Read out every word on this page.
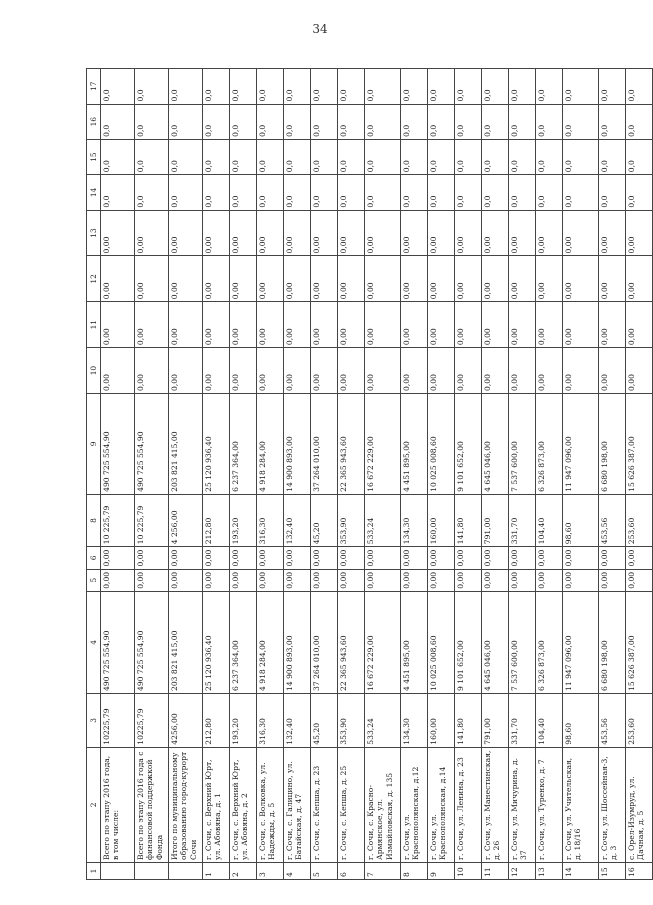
34
1	2	3	4	5	6	8	9	10	11	12	13	14	15	16	17
	Всего по этапу 2016 года, в том числе:	10225,79	490 725 554,90	0,00	0,00	10 225,79	490 725 554,90	0,00	0,00	0,00	0,00	0,0	0,0	0,0	0,0
	Всего по этапу 2016 года с финансовой поддержкой Фонда	10225,79	490 725 554,90	0,00	0,00	10 225,79	490 725 554,90	0,00	0,00	0,00	0,00	0,0	0,0	0,0	0,0
	Итого по муниципальному образованию город-курорт Сочи	4256,00	203 821 415,00	0,00	0,00	4 256,00	203 821 415,00	0,00	0,00	0,00	0,00	0,0	0,0	0,0	0,0
1	г. Сочи, с. Верхний Юрт, ул. Абовяна, д. 1	212,80	25 120 936,40	0,00	0,00	212,80	25 120 936,40	0,00	0,00	0,00	0,00	0,0	0,0	0,0	0,0
2	г. Сочи, с. Верхний Юрт, ул. Абовяна, д. 2	193,20	6 237 364,00	0,00	0,00	193,20	6 237 364,00	0,00	0,00	0,00	0,00	0,0	0,0	0,0	0,0
3	г. Сочи, с. Волковка, ул. Надежды, д. 5	316,30	4 918 284,00	0,00	0,00	316,30	4 918 284,00	0,00	0,00	0,00	0,00	0,0	0,0	0,0	0,0
4	г. Сочи, с. Галицино, ул. Батайская, д. 47	132,40	14 900 893,00	0,00	0,00	132,40	14 900 893,00	0,00	0,00	0,00	0,00	0,0	0,0	0,0	0,0
5	г. Сочи, с. Кепша, д. 23	45,20	37 264 010,00	0,00	0,00	45,20	37 264 010,00	0,00	0,00	0,00	0,00	0,0	0,0	0,0	0,0
6	г. Сочи, с. Кепша, д. 25	353,90	22 365 943,60	0,00	0,00	353,90	22 365 943,60	0,00	0,00	0,00	0,00	0,0	0,0	0,0	0,0
7	г. Сочи, с. Красно-Армянское, ул. Измайловская, д. 135	533,24	16 672 229,00	0,00	0,00	533,24	16 672 229,00	0,00	0,00	0,00	0,00	0,0	0,0	0,0	0,0
8	г. Сочи, ул. Краснополянская, д.12	134,30	4 451 895,00	0,00	0,00	134,30	4 451 895,00	0,00	0,00	0,00	0,00	0,0	0,0	0,0	0,0
9	г. Сочи, ул. Краснополянская, д.14	160,00	10 025 008,60	0,00	0,00	160,00	10 025 008,60	0,00	0,00	0,00	0,00	0,0	0,0	0,0	0,0
10	г. Сочи, ул. Ленина, д. 23	141,80	9 101 652,00	0,00	0,00	141,80	9 101 652,00	0,00	0,00	0,00	0,00	0,0	0,0	0,0	0,0
11	г. Сочи, ул. Манестинская, д. 26	791,00	4 645 046,00	0,00	0,00	791,00	4 645 046,00	0,00	0,00	0,00	0,00	0,0	0,0	0,0	0,0
12	г. Сочи, ул. Мичурина, д. 37	331,70	7 537 600,00	0,00	0,00	331,70	7 537 600,00	0,00	0,00	0,00	0,00	0,0	0,0	0,0	0,0
13	г. Сочи, ул. Туренко, д. 7	104,40	6 326 873,00	0,00	0,00	104,40	6 326 873,00	0,00	0,00	0,00	0,00	0,0	0,0	0,0	0,0
14	г. Сочи, ул. Учительская, д. 18/16	98,60	11 947 096,00	0,00	0,00	98,60	11 947 096,00	0,00	0,00	0,00	0,00	0,0	0,0	0,0	0,0
15	г. Сочи, ул. Шоссейная-3, д. 3	453,56	6 680 198,00	0,00	0,00	453,56	6 680 198,00	0,00	0,00	0,00	0,00	0,0	0,0	0,0	0,0
16	с. Орел-Изумруд, ул. Дачная, д. 5	253,60	15 626 387,00	0,00	0,00	253,60	15 626 387,00	0,00	0,00	0,00	0,00	0,0	0,0	0,0	0,0
